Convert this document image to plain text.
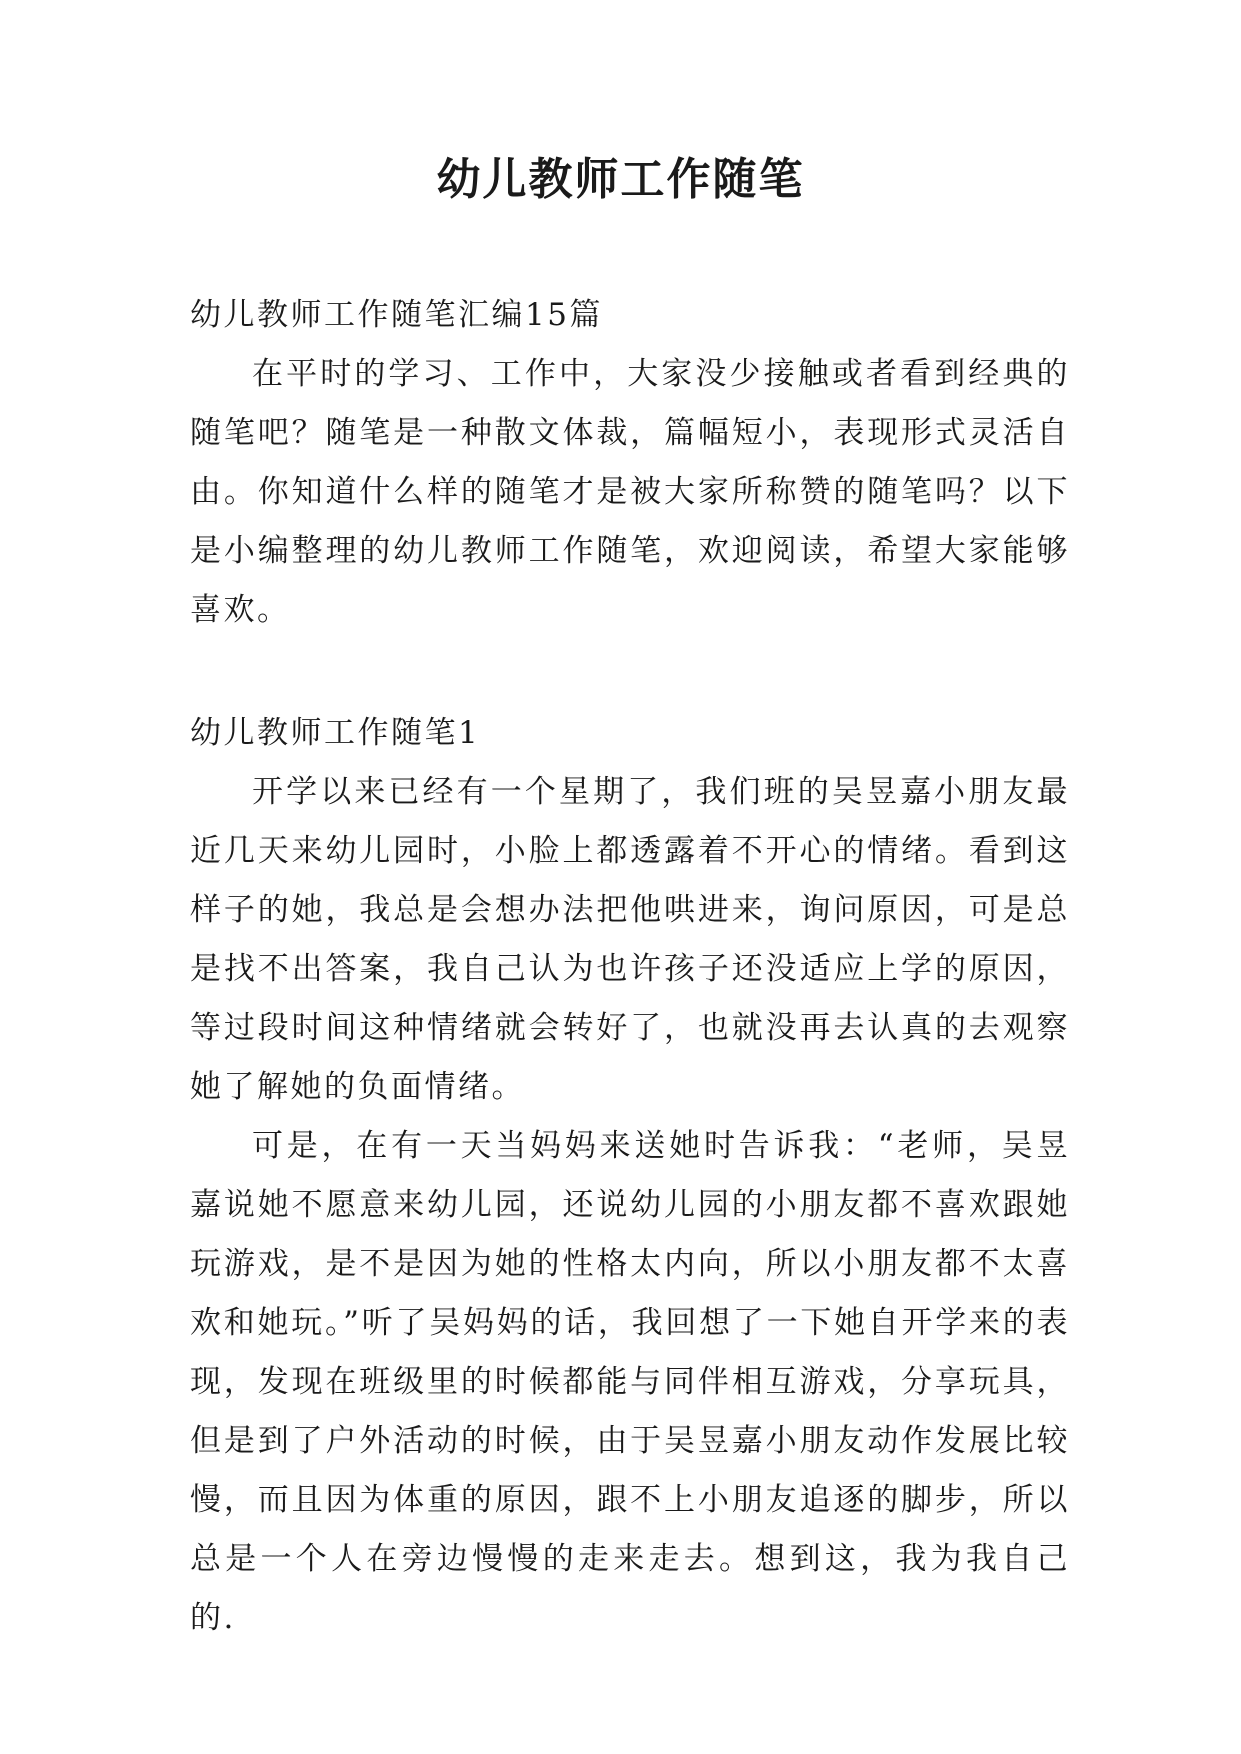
幼儿教师工作随笔

幼儿教师工作随笔汇编15篇

在平时的学习、工作中，大家没少接触或者看到经典的随笔吧？随笔是一种散文体裁，篇幅短小，表现形式灵活自由。你知道什么样的随笔才是被大家所称赞的随笔吗？以下是小编整理的幼儿教师工作随笔，欢迎阅读，希望大家能够喜欢。

幼儿教师工作随笔1

开学以来已经有一个星期了，我们班的吴昱嘉小朋友最近几天来幼儿园时，小脸上都透露着不开心的情绪。看到这样子的她，我总是会想办法把他哄进来，询问原因，可是总是找不出答案，我自己认为也许孩子还没适应上学的原因，等过段时间这种情绪就会转好了，也就没再去认真的去观察她了解她的负面情绪。

可是，在有一天当妈妈来送她时告诉我：“老师，吴昱嘉说她不愿意来幼儿园，还说幼儿园的小朋友都不喜欢跟她玩游戏，是不是因为她的性格太内向，所以小朋友都不太喜欢和她玩。”听了吴妈妈的话，我回想了一下她自开学来的表现，发现在班级里的时候都能与同伴相互游戏，分享玩具，但是到了户外活动的时候，由于吴昱嘉小朋友动作发展比较慢，而且因为体重的原因，跟不上小朋友追逐的脚步，所以总是一个人在旁边慢慢的走来走去。想到这，我为我自己的.
